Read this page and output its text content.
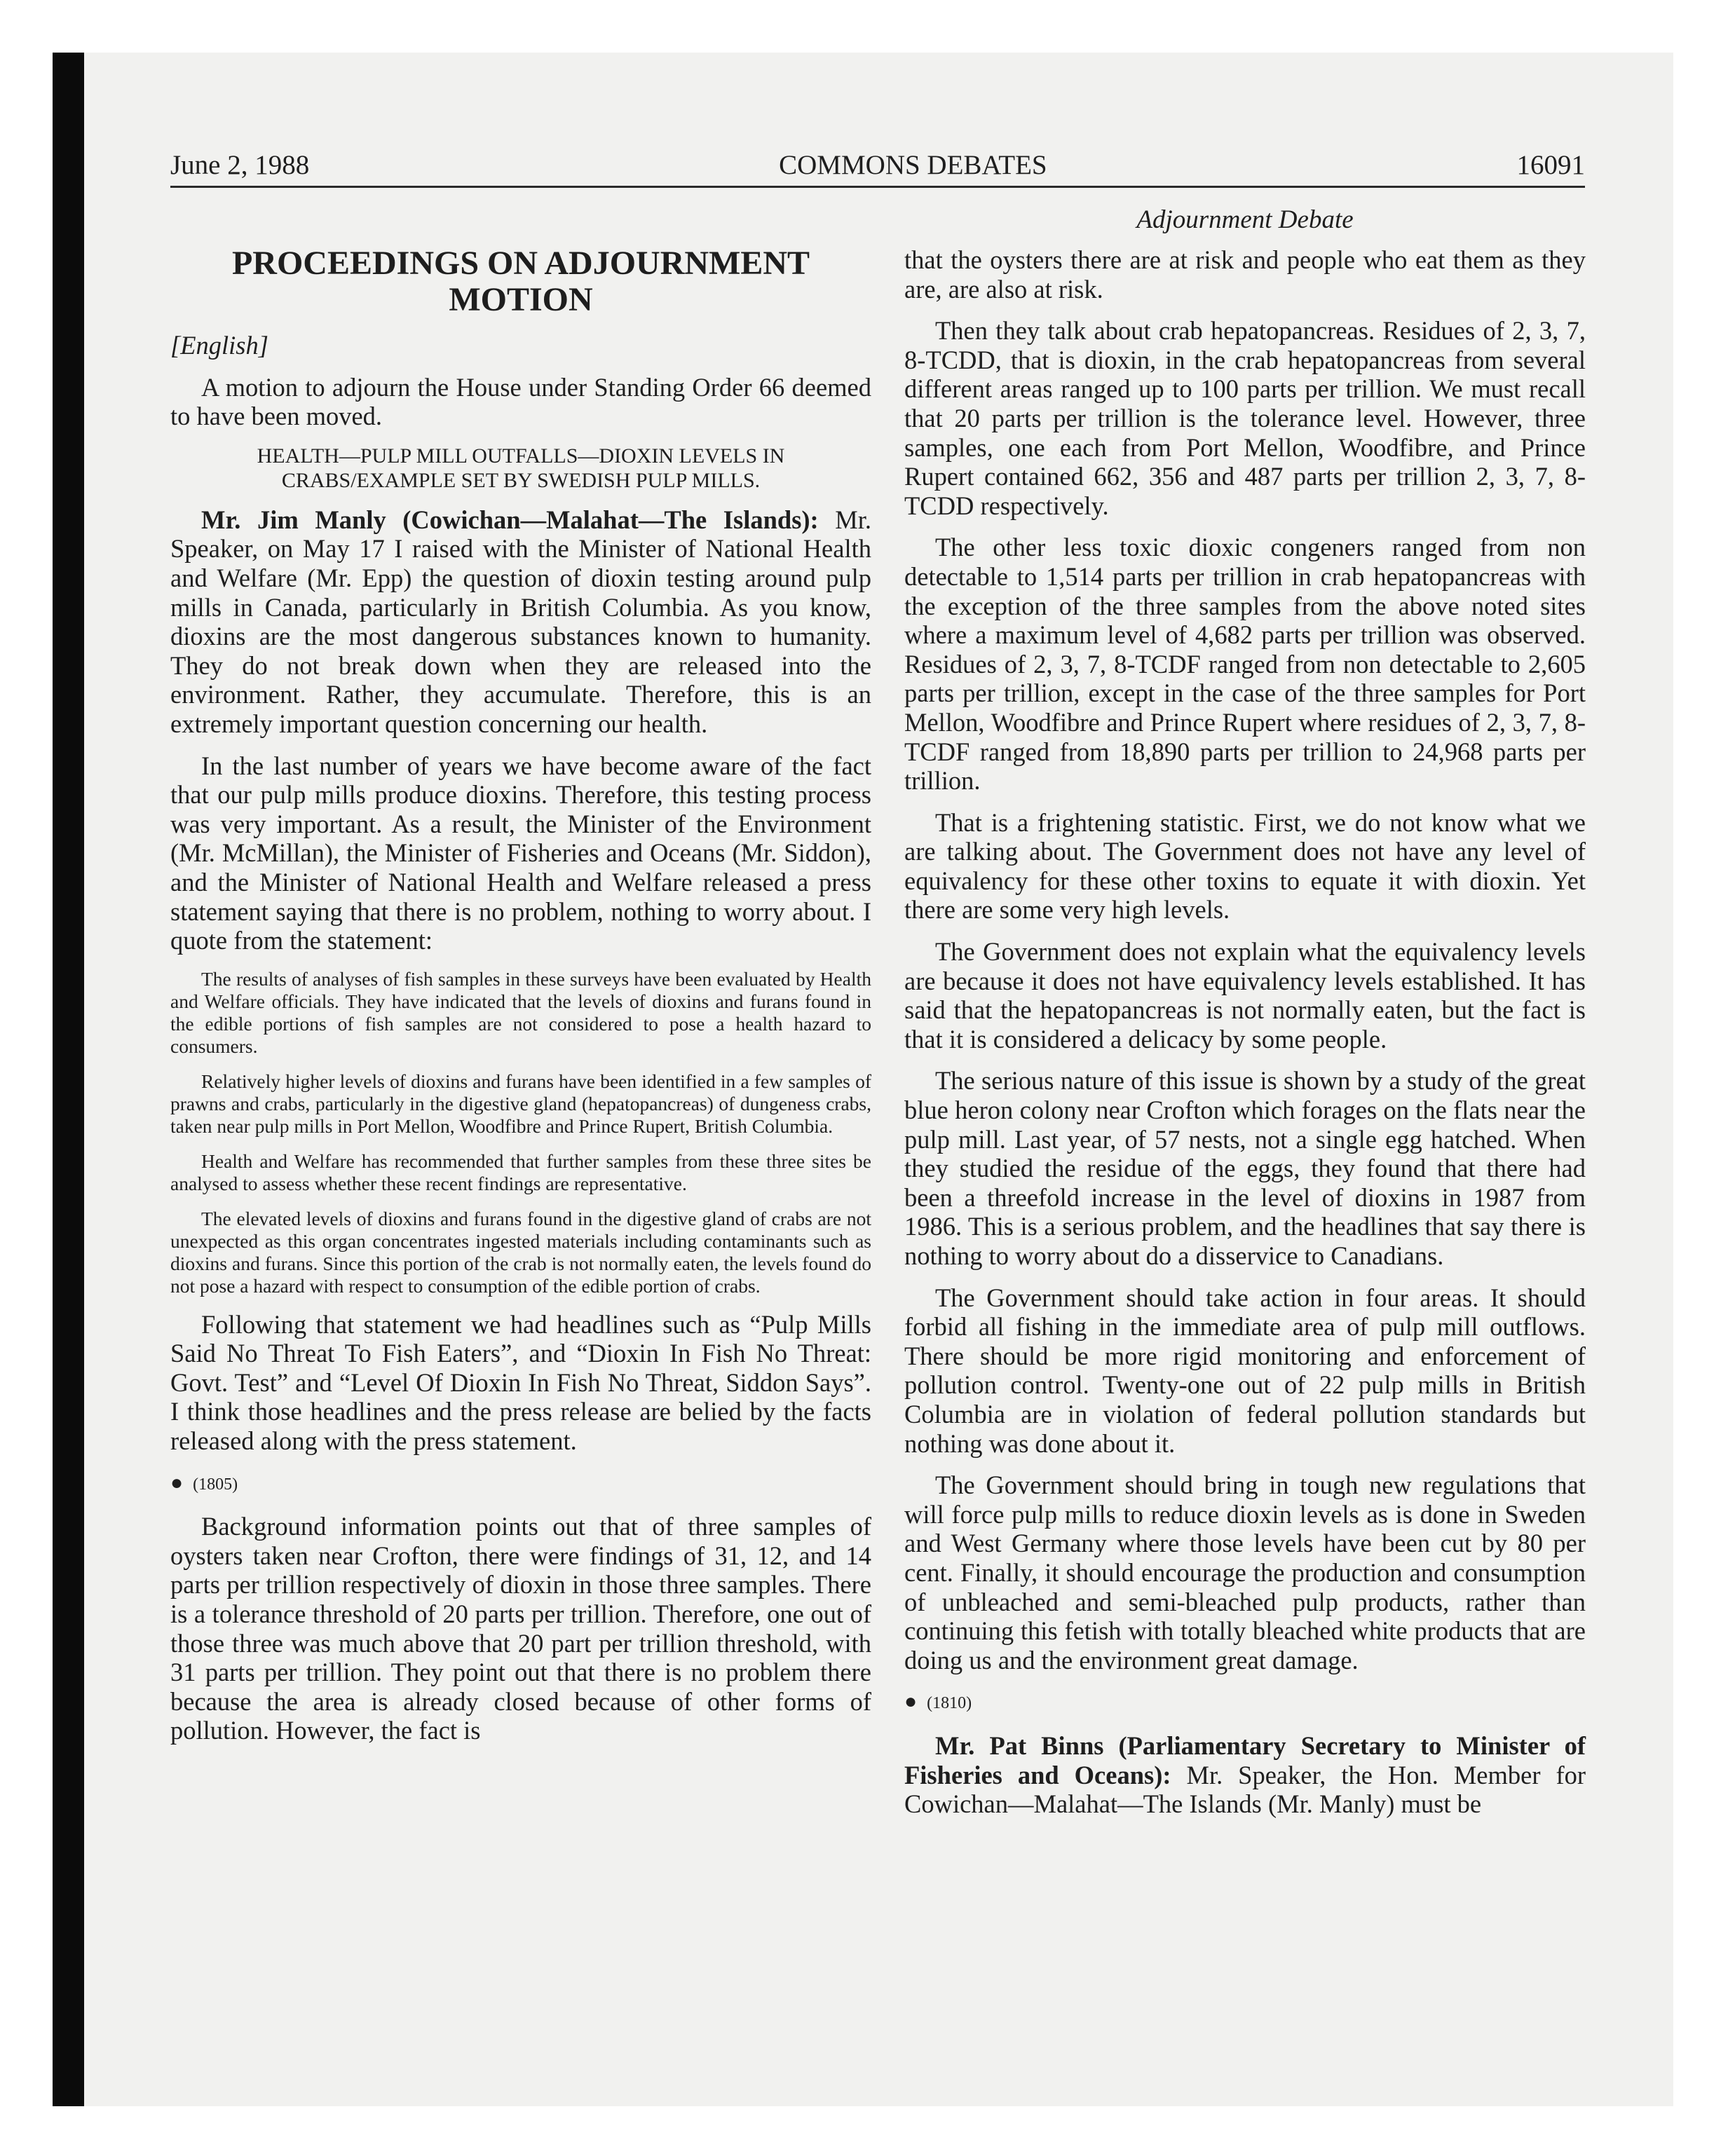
June 2, 1988	COMMONS DEBATES	16091
Adjournment Debate

PROCEEDINGS ON ADJOURNMENT MOTION

[English]

A motion to adjourn the House under Standing Order 66 deemed to have been moved.

HEALTH—PULP MILL OUTFALLS—DIOXIN LEVELS IN CRABS/EXAMPLE SET BY SWEDISH PULP MILLS.

Mr. Jim Manly (Cowichan—Malahat—The Islands): Mr. Speaker, on May 17 I raised with the Minister of National Health and Welfare (Mr. Epp) the question of dioxin testing around pulp mills in Canada, particularly in British Columbia. As you know, dioxins are the most dangerous substances known to humanity. They do not break down when they are released into the environment. Rather, they accumulate. Therefore, this is an extremely important question concerning our health.

In the last number of years we have become aware of the fact that our pulp mills produce dioxins. Therefore, this testing process was very important. As a result, the Minister of the Environment (Mr. McMillan), the Minister of Fisheries and Oceans (Mr. Siddon), and the Minister of National Health and Welfare released a press statement saying that there is no problem, nothing to worry about. I quote from the statement:

The results of analyses of fish samples in these surveys have been evaluated by Health and Welfare officials. They have indicated that the levels of dioxins and furans found in the edible portions of fish samples are not considered to pose a health hazard to consumers.

Relatively higher levels of dioxins and furans have been identified in a few samples of prawns and crabs, particularly in the digestive gland (hepatopancreas) of dungeness crabs, taken near pulp mills in Port Mellon, Woodfibre and Prince Rupert, British Columbia.

Health and Welfare has recommended that further samples from these three sites be analysed to assess whether these recent findings are representative.

The elevated levels of dioxins and furans found in the digestive gland of crabs are not unexpected as this organ concentrates ingested materials including contaminants such as dioxins and furans. Since this portion of the crab is not normally eaten, the levels found do not pose a hazard with respect to consumption of the edible portion of crabs.

Following that statement we had headlines such as “Pulp Mills Said No Threat To Fish Eaters”, and “Dioxin In Fish No Threat: Govt. Test” and “Level Of Dioxin In Fish No Threat, Siddon Says”. I think those headlines and the press release are belied by the facts released along with the press statement.

● (1805)

Background information points out that of three samples of oysters taken near Crofton, there were findings of 31, 12, and 14 parts per trillion respectively of dioxin in those three samples. There is a tolerance threshold of 20 parts per trillion. Therefore, one out of those three was much above that 20 part per trillion threshold, with 31 parts per trillion. They point out that there is no problem there because the area is already closed because of other forms of pollution. However, the fact is

that the oysters there are at risk and people who eat them as they are, are also at risk.

Then they talk about crab hepatopancreas. Residues of 2, 3, 7, 8-TCDD, that is dioxin, in the crab hepatopancreas from several different areas ranged up to 100 parts per trillion. We must recall that 20 parts per trillion is the tolerance level. However, three samples, one each from Port Mellon, Woodfibre, and Prince Rupert contained 662, 356 and 487 parts per trillion 2, 3, 7, 8-TCDD respectively.

The other less toxic dioxic congeners ranged from non detectable to 1,514 parts per trillion in crab hepatopancreas with the exception of the three samples from the above noted sites where a maximum level of 4,682 parts per trillion was observed. Residues of 2, 3, 7, 8-TCDF ranged from non detectable to 2,605 parts per trillion, except in the case of the three samples for Port Mellon, Woodfibre and Prince Rupert where residues of 2, 3, 7, 8-TCDF ranged from 18,890 parts per trillion to 24,968 parts per trillion.

That is a frightening statistic. First, we do not know what we are talking about. The Government does not have any level of equivalency for these other toxins to equate it with dioxin. Yet there are some very high levels.

The Government does not explain what the equivalency levels are because it does not have equivalency levels established. It has said that the hepatopancreas is not normally eaten, but the fact is that it is considered a delicacy by some people.

The serious nature of this issue is shown by a study of the great blue heron colony near Crofton which forages on the flats near the pulp mill. Last year, of 57 nests, not a single egg hatched. When they studied the residue of the eggs, they found that there had been a threefold increase in the level of dioxins in 1987 from 1986. This is a serious problem, and the headlines that say there is nothing to worry about do a disservice to Canadians.

The Government should take action in four areas. It should forbid all fishing in the immediate area of pulp mill outflows. There should be more rigid monitoring and enforcement of pollution control. Twenty-one out of 22 pulp mills in British Columbia are in violation of federal pollution standards but nothing was done about it.

The Government should bring in tough new regulations that will force pulp mills to reduce dioxin levels as is done in Sweden and West Germany where those levels have been cut by 80 per cent. Finally, it should encourage the production and consumption of unbleached and semi-bleached pulp products, rather than continuing this fetish with totally bleached white products that are doing us and the environment great damage.

● (1810)

Mr. Pat Binns (Parliamentary Secretary to Minister of Fisheries and Oceans): Mr. Speaker, the Hon. Member for Cowichan—Malahat—The Islands (Mr. Manly) must be
